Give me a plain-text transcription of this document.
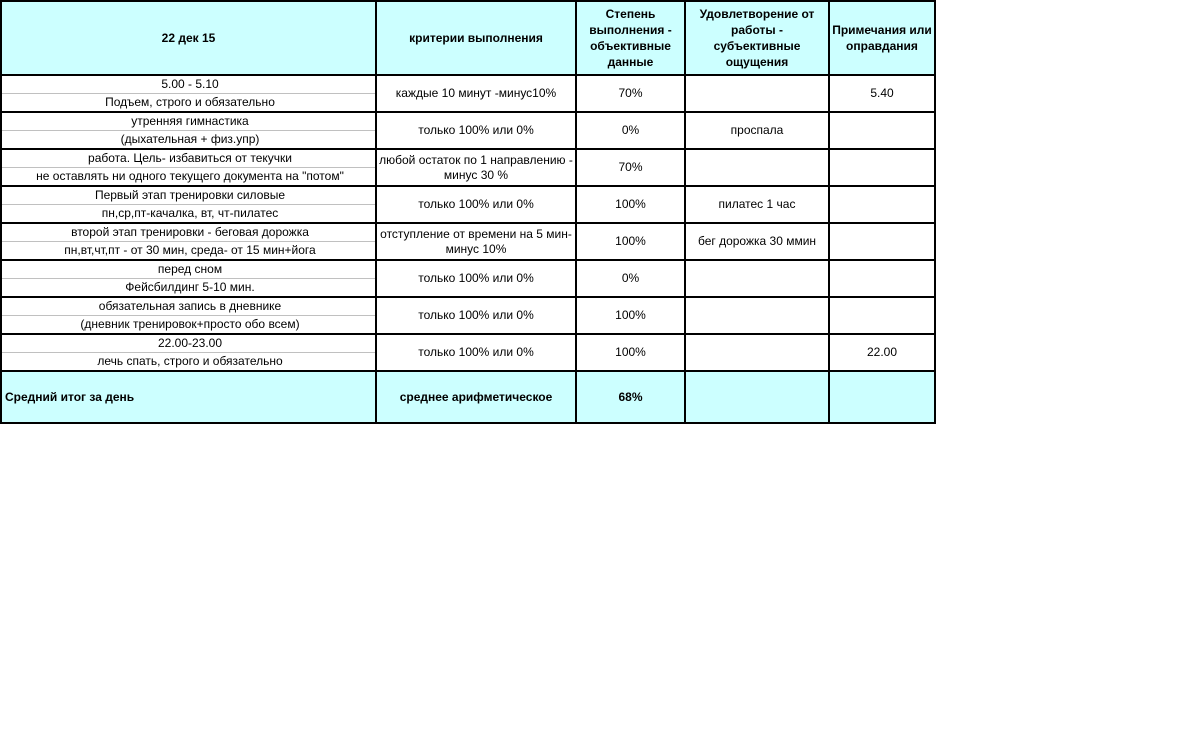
22 дек 15	критерии выполнения	Степень выполнения - объективные данные	Удовлетворение от работы - субъективные ощущения	Примечания или оправдания

5.00 - 5.10
Подъем, строго и обязательно	каждые 10 минут -минус10%	70%		5.40

утренняя гимнастика
(дыхательная + физ.упр)	только 100% или 0%	0%	проспала	

работа. Цель- избавиться от текучки
не оставлять ни одного текущего документа на "потом"	любой остаток по 1 направлению - минус 30 %	70%		

Первый этап тренировки силовые
пн,ср,пт-качалка, вт, чт-пилатес	только 100% или 0%	100%	пилатес 1 час	

второй этап тренировки - беговая дорожка
пн,вт,чт,пт - от 30 мин, среда- от 15 мин+йога	отступление от времени на 5 мин- минус 10%	100%	бег дорожка 30 ммин	

перед сном
Фейсбилдинг 5-10 мин.	только 100% или 0%	0%		

обязательная запись в дневнике
(дневник тренировок+просто обо всем)	только 100% или 0%	100%		

22.00-23.00
лечь спать, строго и обязательно	только 100% или 0%	100%		22.00
Средний итог за день	среднее арифметическое	68%		
